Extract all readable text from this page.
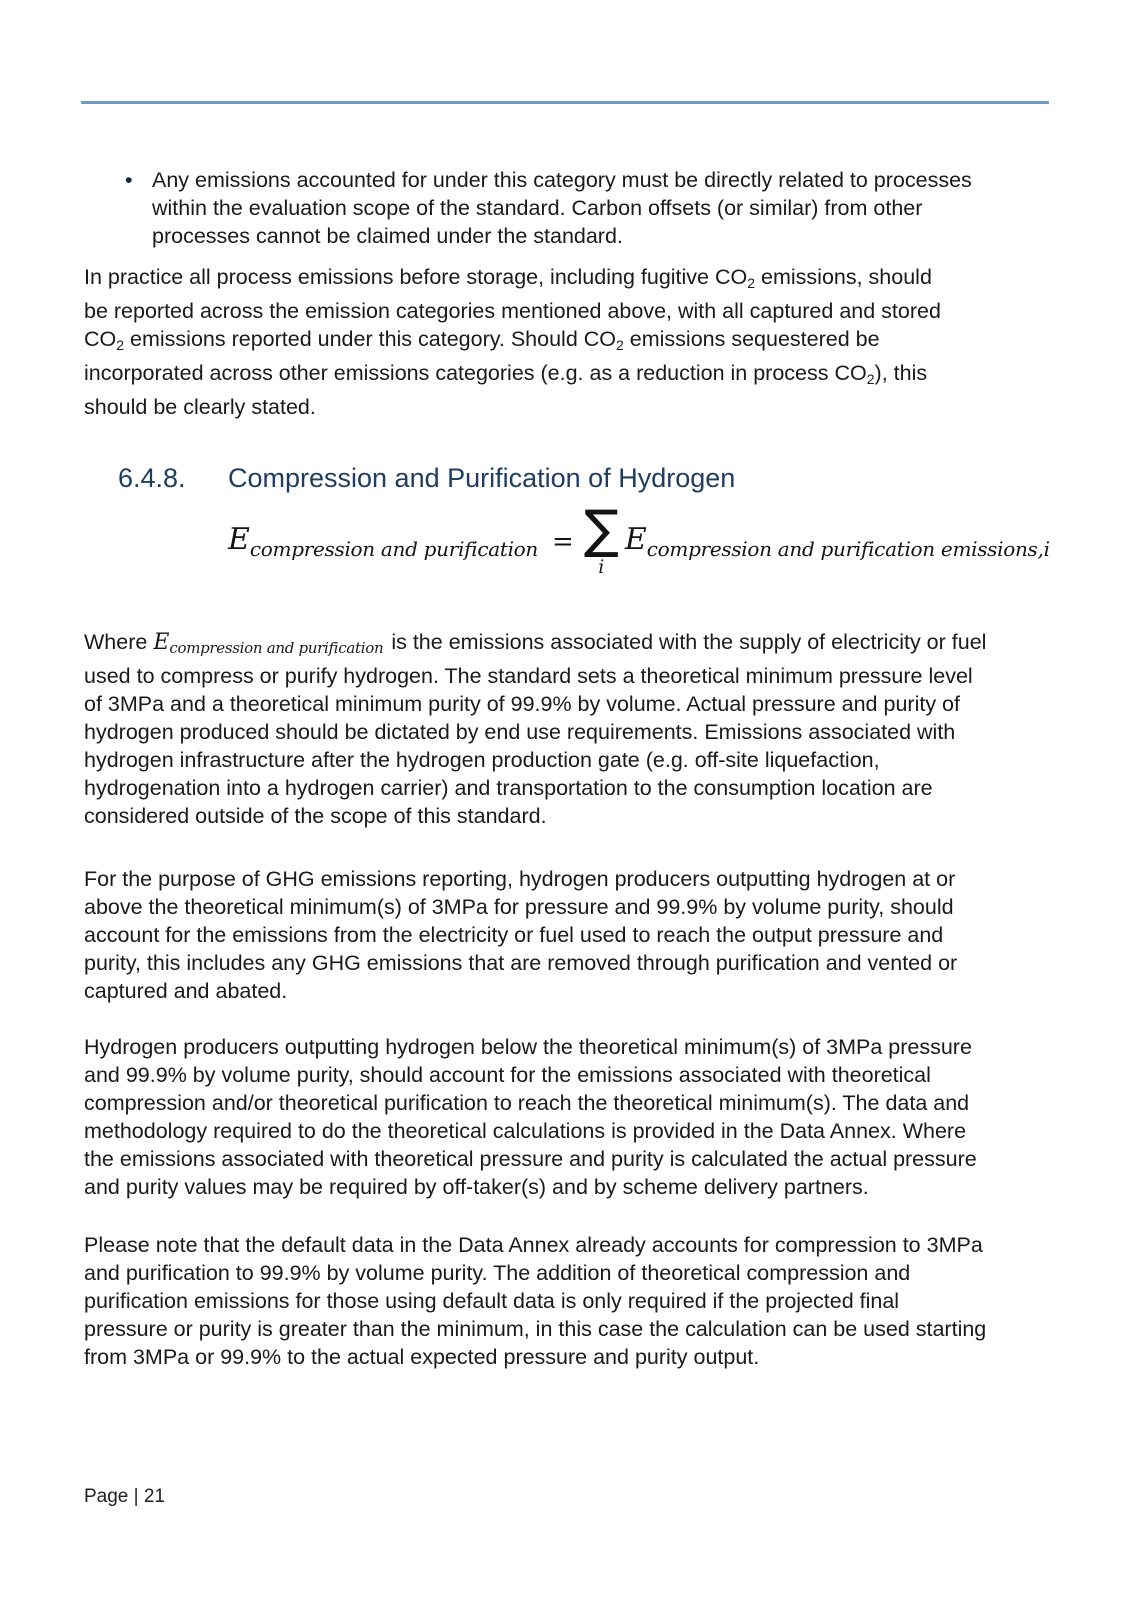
• Any emissions accounted for under this category must be directly related to processes
within the evaluation scope of the standard. Carbon offsets (or similar) from other
processes cannot be claimed under the standard.
In practice all process emissions before storage, including fugitive CO2 emissions, should
be reported across the emission categories mentioned above, with all captured and stored
CO2 emissions reported under this category. Should CO2 emissions sequestered be
incorporated across other emissions categories (e.g. as a reduction in process CO2), this
should be clearly stated.
6.4.8.	Compression and Purification of Hydrogen
Ecompression and purification = ∑
i
Ecompression and purification emissions,i
Where Ecompression and purification is the emissions associated with the supply of electricity or fuel
used to compress or purify hydrogen. The standard sets a theoretical minimum pressure level
of 3MPa and a theoretical minimum purity of 99.9% by volume. Actual pressure and purity of
hydrogen produced should be dictated by end use requirements. Emissions associated with
hydrogen infrastructure after the hydrogen production gate (e.g. off-site liquefaction,
hydrogenation into a hydrogen carrier) and transportation to the consumption location are
considered outside of the scope of this standard.
For the purpose of GHG emissions reporting, hydrogen producers outputting hydrogen at or
above the theoretical minimum(s) of 3MPa for pressure and 99.9% by volume purity, should
account for the emissions from the electricity or fuel used to reach the output pressure and
purity, this includes any GHG emissions that are removed through purification and vented or
captured and abated.
Hydrogen producers outputting hydrogen below the theoretical minimum(s) of 3MPa pressure
and 99.9% by volume purity, should account for the emissions associated with theoretical
compression and/or theoretical purification to reach the theoretical minimum(s). The data and
methodology required to do the theoretical calculations is provided in the Data Annex. Where
the emissions associated with theoretical pressure and purity is calculated the actual pressure
and purity values may be required by off-taker(s) and by scheme delivery partners.
Please note that the default data in the Data Annex already accounts for compression to 3MPa
and purification to 99.9% by volume purity. The addition of theoretical compression and
purification emissions for those using default data is only required if the projected final
pressure or purity is greater than the minimum, in this case the calculation can be used starting
from 3MPa or 99.9% to the actual expected pressure and purity output.
Page | 21
